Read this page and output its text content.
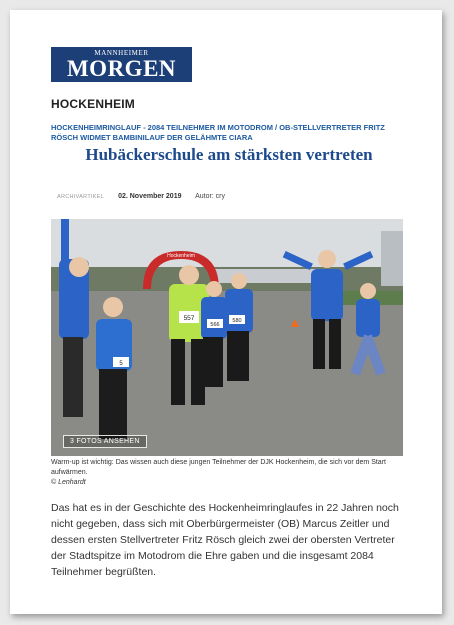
MANNHEIMER
MORGEN
HOCKENHEIM
HOCKENHEIMRINGLAUF - 2084 TEILNEHMER IM MOTODROM / OB-STELLVERTRETER FRITZ RÖSCH WIDMET BAMBINILAUF DER GELÄHMTE CIARA
Hubäckerschule am stärksten vertreten
ARCHIVARTIKEL 02. November 2019 Autor: cry
Hockenheim
5
557
566
580
3 FOTOS ANSEHEN
Warm-up ist wichtig: Das wissen auch diese jungen Teilnehmer der DJK Hockenheim, die sich vor dem Start aufwärmen.
© Lenhardt
Das hat es in der Geschichte des Hockenheimringlaufes in 22 Jahren noch nicht gegeben, dass sich mit Oberbürgermeister (OB) Marcus Zeitler und dessen ersten Stellvertreter Fritz Rösch gleich zwei der obersten Vertreter der Stadtspitze im Motodrom die Ehre gaben und die insgesamt 2084 Teilnehmer begrüßten.
